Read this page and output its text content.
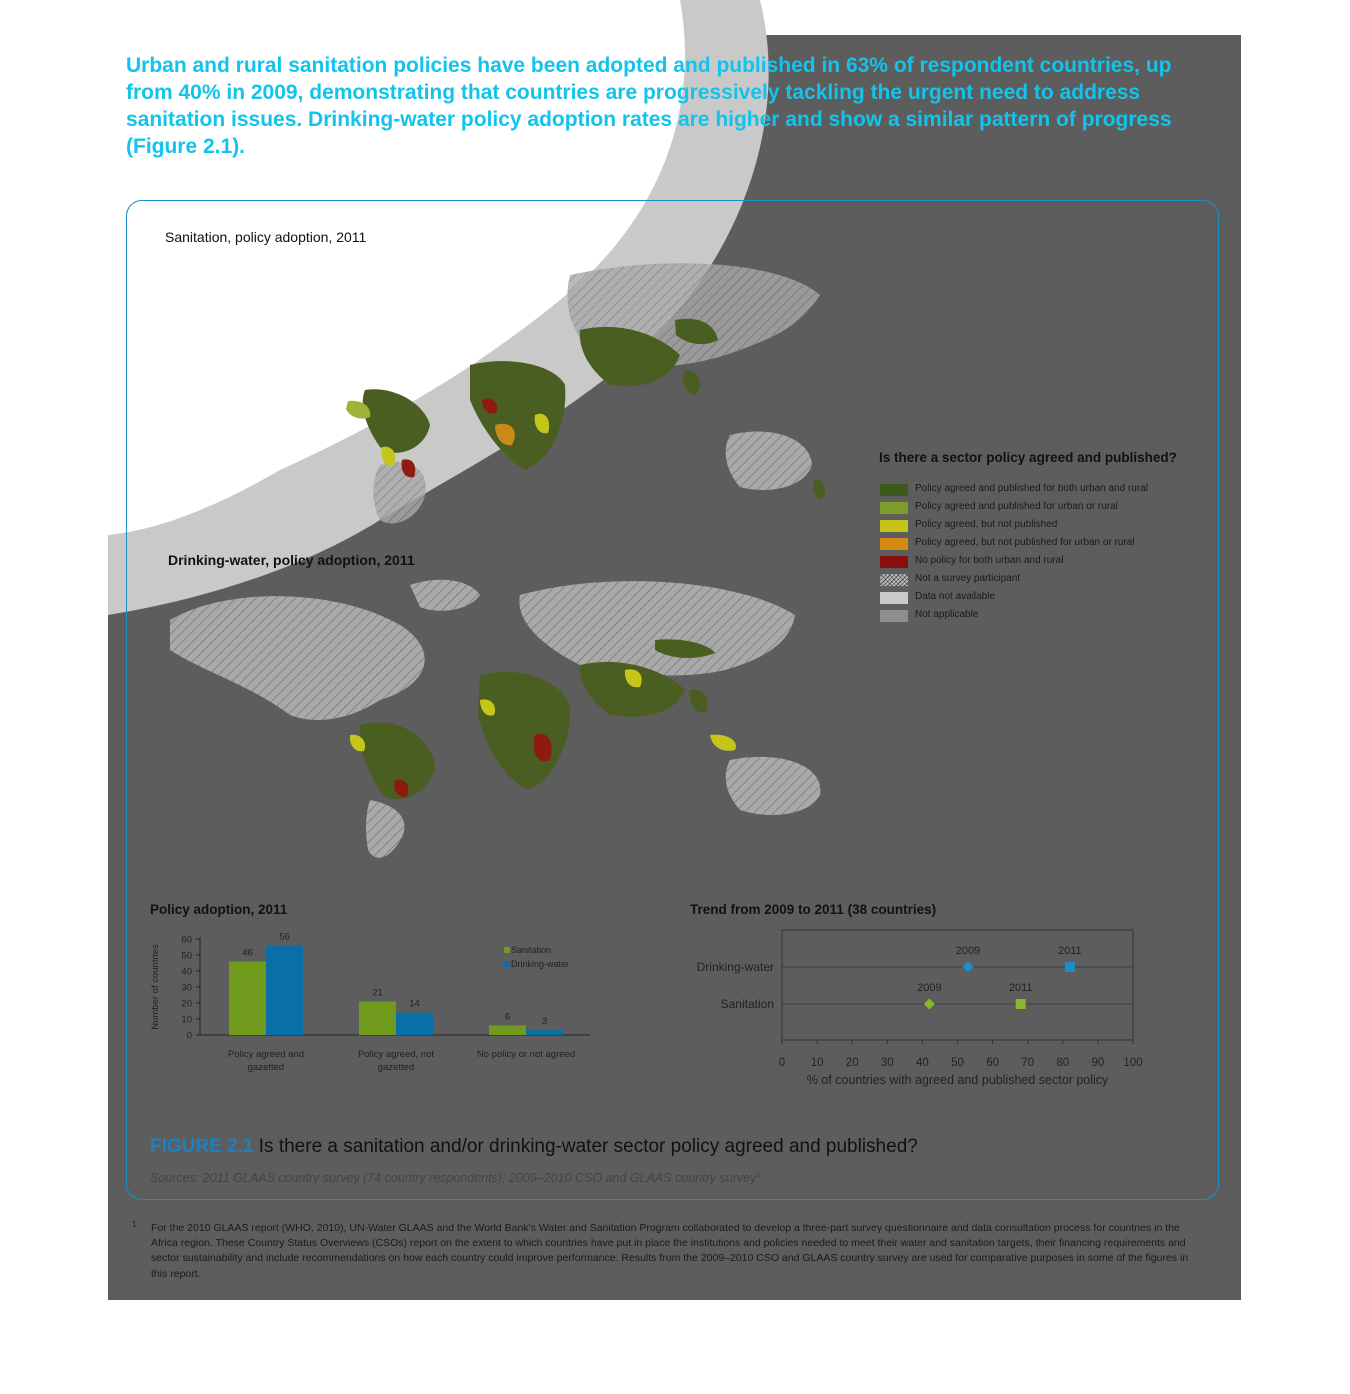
Urban and rural sanitation policies have been adopted and published in 63% of respondent countries, up from 40% in 2009, demonstrating that countries are progressively tackling the urgent need to address sanitation issues. Drinking-water policy adoption rates are higher and show a similar pattern of progress (Figure 2.1).

Sanitation, policy adoption, 2011
Drinking-water, policy adoption, 2011
Is there a sector policy agreed and published?
Policy agreed and published for both urban and rural
Policy agreed and published for urban or rural
Policy agreed, but not published
Policy agreed, but not published for urban or rural
No policy for both urban and rural
Not a survey participant
Data not available
Not applicable
Policy adoption, 2011
0
10
20
30
40
50
60
Number of countries	46
56
Policy agreed and
gazetted
21
14
Policy agreed, not
gazetted
6	3
No policy or not agreed
Sanitation
Drinking-water
Trend from 2009 to 2011 (38 countries)
Drinking-water
Sanitation
0 10 20 30 40 50 60 70 80 90 100
% of countries with agreed and published sector policy
2009	2011
2009	2011
FIGURE 2.1 Is there a sanitation and/or drinking-water sector policy agreed and published?
Sources: 2011 GLAAS country survey (74 country respondents); 2009–2010 CSO and GLAAS country survey$^1$
1 For the 2010 GLAAS report (WHO, 2010), UN-Water GLAAS and the World Bank's Water and Sanitation Program collaborated to develop a three-part survey questionnaire and data consultation process for countries in the Africa region. These Country Status Overviews (CSOs) report on the extent to which countries have put in place the institutions and policies needed to meet their water and sanitation targets, their financing requirements and sector sustainability and include recommendations on how each country could improve performance. Results from the 2009–2010 CSO and GLAAS country survey are used for comparative purposes in some of the figures in this report.
